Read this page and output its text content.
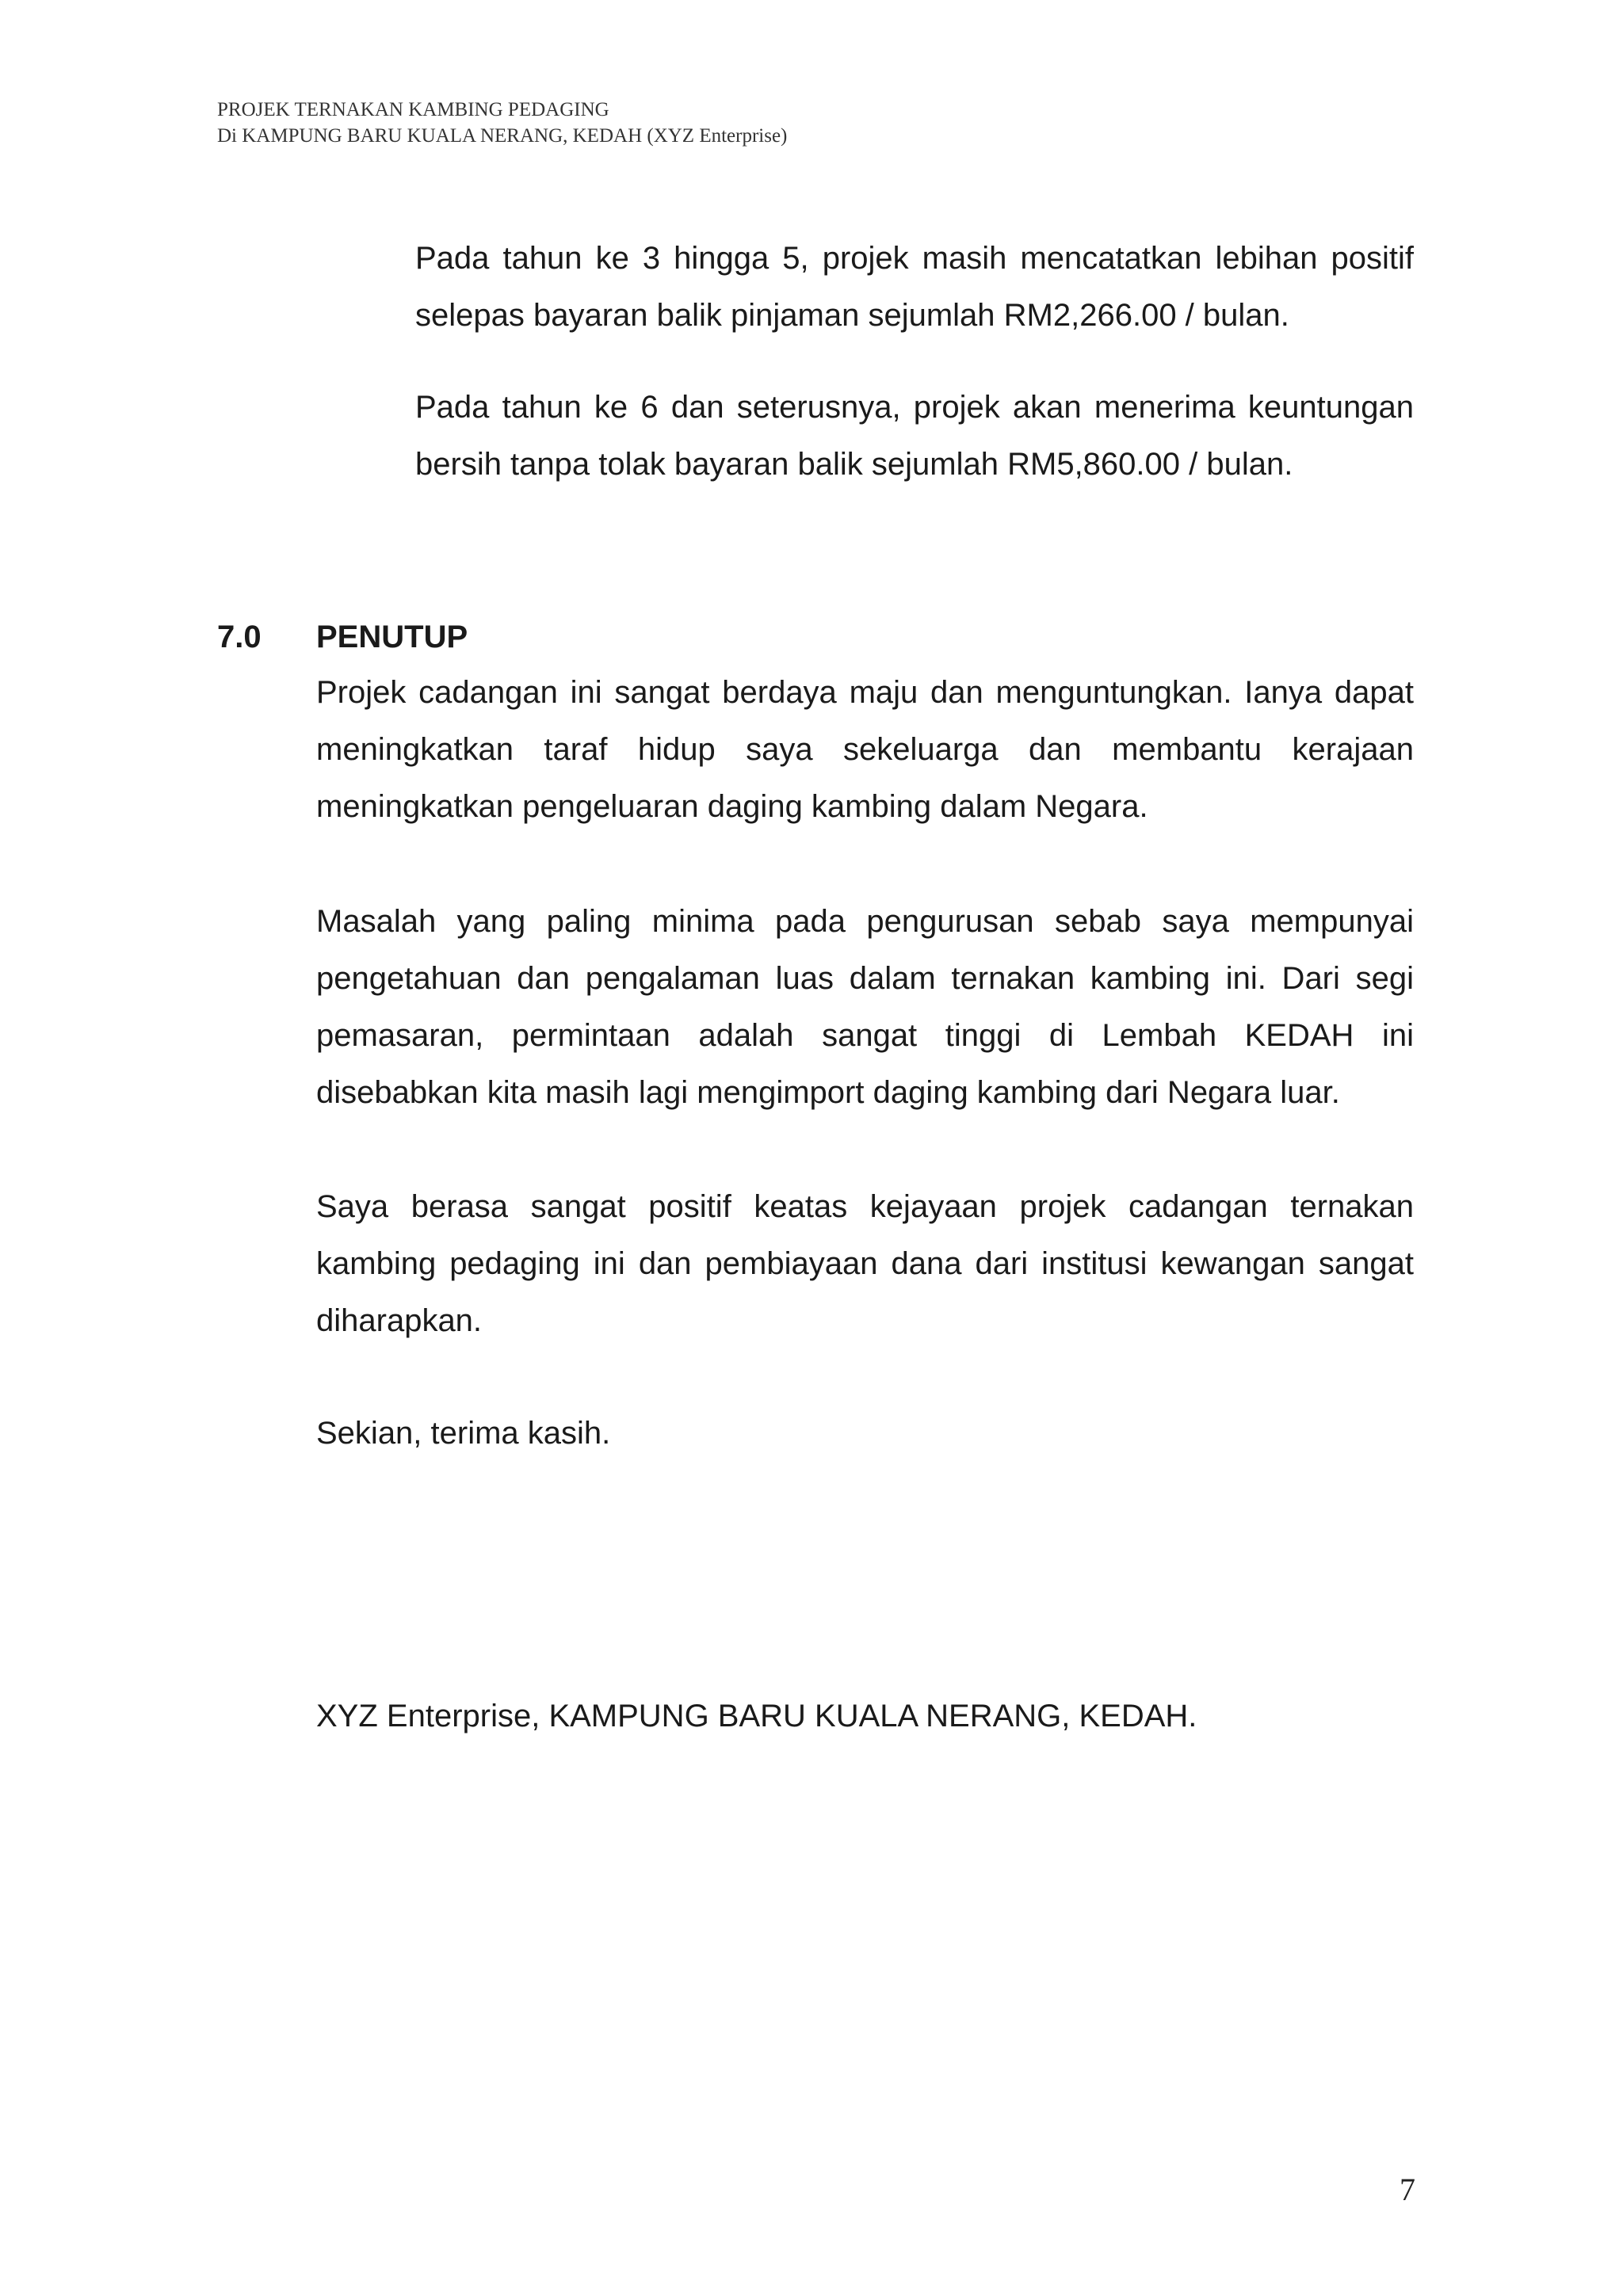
PROJEK TERNAKAN KAMBING PEDAGING
Di KAMPUNG BARU KUALA NERANG, KEDAH (XYZ Enterprise)

Pada tahun ke 3 hingga 5, projek masih mencatatkan lebihan positif selepas bayaran balik pinjaman sejumlah RM2,266.00 / bulan.

Pada tahun ke 6 dan seterusnya, projek akan menerima keuntungan bersih tanpa tolak bayaran balik sejumlah RM5,860.00 / bulan.

7.0 PENUTUP

Projek cadangan ini sangat berdaya maju dan menguntungkan. Ianya dapat meningkatkan taraf hidup saya sekeluarga dan membantu kerajaan meningkatkan pengeluaran daging kambing dalam Negara.

Masalah yang paling minima pada pengurusan sebab saya mempunyai pengetahuan dan pengalaman luas dalam ternakan kambing ini. Dari segi pemasaran, permintaan adalah sangat tinggi di Lembah KEDAH ini disebabkan kita masih lagi mengimport daging kambing dari Negara luar.

Saya berasa sangat positif keatas kejayaan projek cadangan ternakan kambing pedaging ini dan pembiayaan dana dari institusi kewangan sangat diharapkan.

Sekian, terima kasih.

XYZ Enterprise, KAMPUNG BARU KUALA NERANG, KEDAH.

7
